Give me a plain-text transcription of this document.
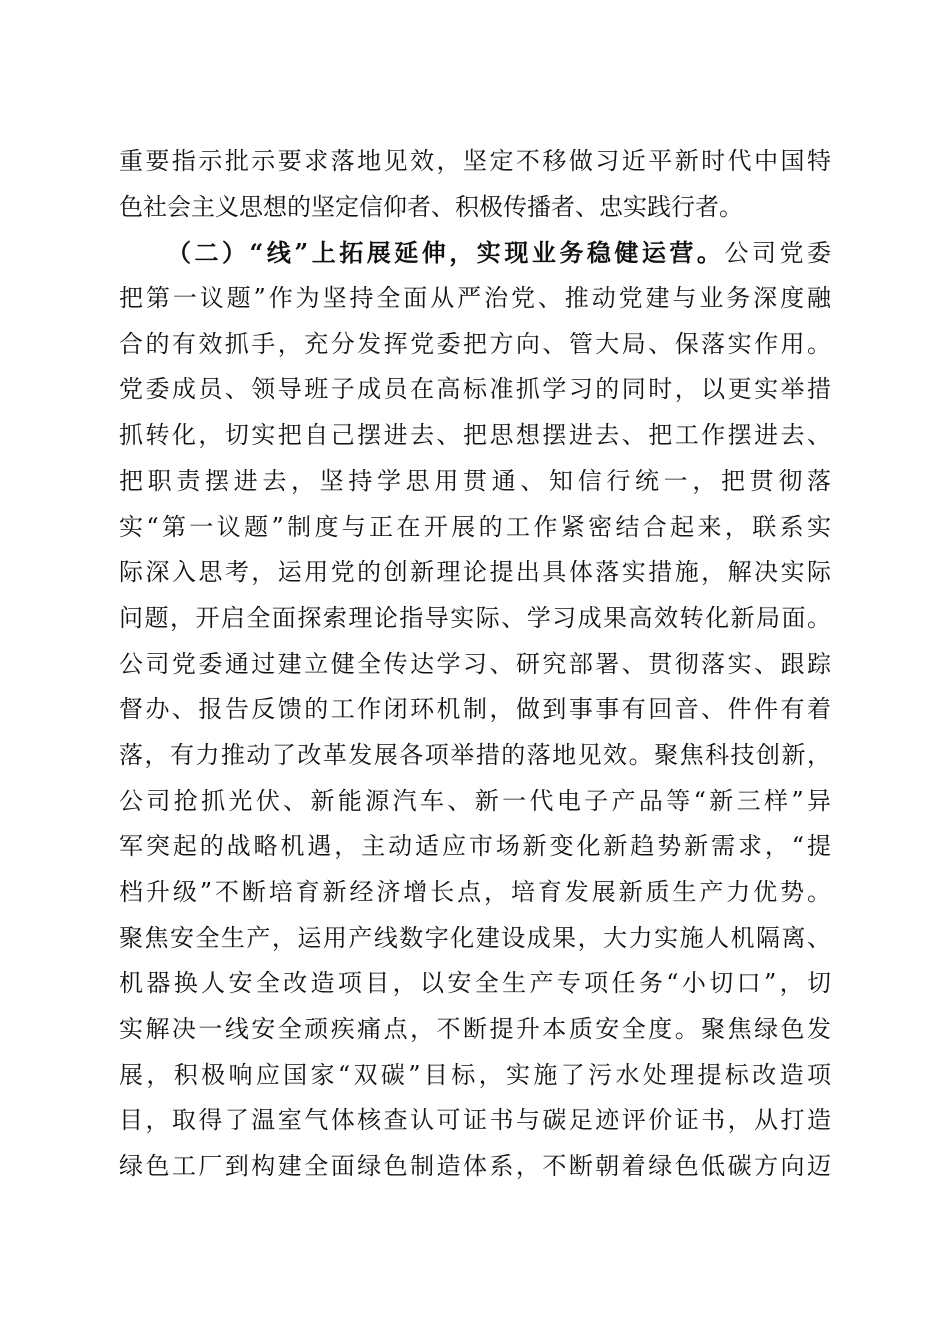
重要指示批示要求落地见效，坚定不移做习近平新时代中国特
色社会主义思想的坚定信仰者、积极传播者、忠实践行者。
（二）“线”上拓展延伸，实现业务稳健运营。公司党委
把第一议题”作为坚持全面从严治党、推动党建与业务深度融
合的有效抓手，充分发挥党委把方向、管大局、保落实作用。
党委成员、领导班子成员在高标准抓学习的同时，以更实举措
抓转化，切实把自己摆进去、把思想摆进去、把工作摆进去、
把职责摆进去，坚持学思用贯通、知信行统一，把贯彻落
实“第一议题”制度与正在开展的工作紧密结合起来，联系实
际深入思考，运用党的创新理论提出具体落实措施，解决实际
问题，开启全面探索理论指导实际、学习成果高效转化新局面。
公司党委通过建立健全传达学习、研究部署、贯彻落实、跟踪
督办、报告反馈的工作闭环机制，做到事事有回音、件件有着
落，有力推动了改革发展各项举措的落地见效。聚焦科技创新，
公司抢抓光伏、新能源汽车、新一代电子产品等“新三样”异
军突起的战略机遇，主动适应市场新变化新趋势新需求，“提
档升级”不断培育新经济增长点，培育发展新质生产力优势。
聚焦安全生产，运用产线数字化建设成果，大力实施人机隔离、
机器换人安全改造项目，以安全生产专项任务“小切口”，切
实解决一线安全顽疾痛点，不断提升本质安全度。聚焦绿色发
展，积极响应国家“双碳”目标，实施了污水处理提标改造项
目，取得了温室气体核查认可证书与碳足迹评价证书，从打造
绿色工厂到构建全面绿色制造体系，不断朝着绿色低碳方向迈
